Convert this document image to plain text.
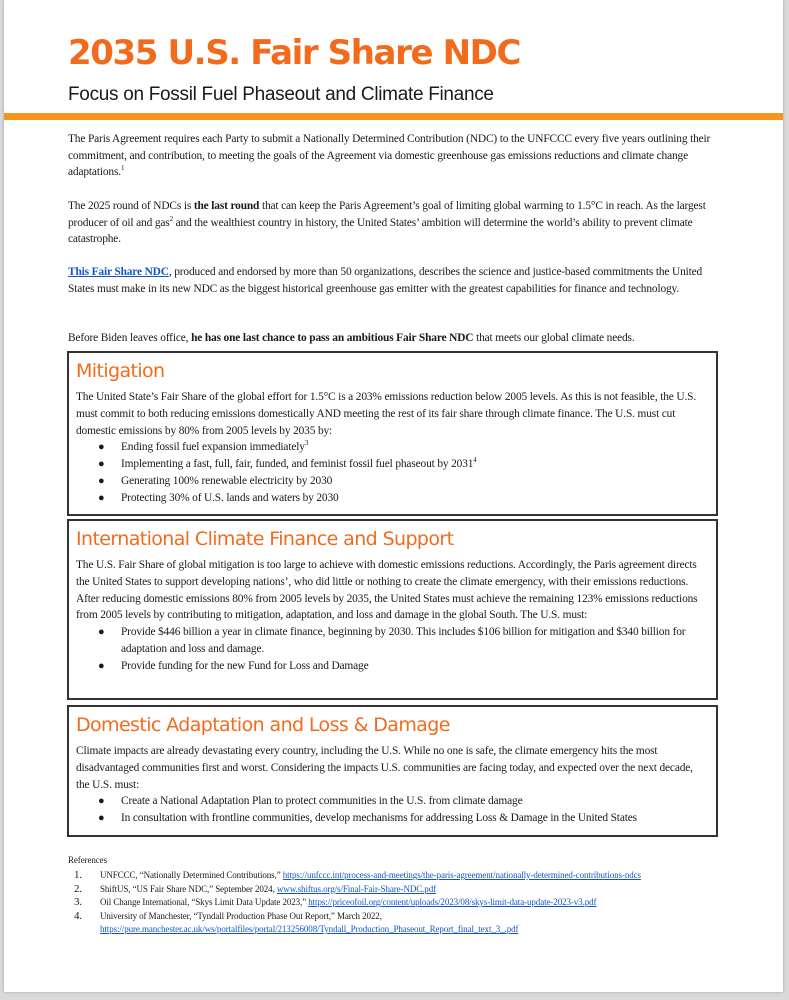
2035 U.S. Fair Share NDC
Focus on Fossil Fuel Phaseout and Climate Finance
The Paris Agreement requires each Party to submit a Nationally Determined Contribution (NDC) to the UNFCCC every five years outlining their commitment, and contribution, to meeting the goals of the Agreement via domestic greenhouse gas emissions reductions and climate change adaptations.$^1$
The 2025 round of NDCs is the last round that can keep the Paris Agreement’s goal of limiting global warming to 1.5°C in reach. As the largest producer of oil and gas$^2$ and the wealthiest country in history, the United States’ ambition will determine the world’s ability to prevent climate catastrophe.
This Fair Share NDC, produced and endorsed by more than 50 organizations, describes the science and justice-based commitments the United States must make in its new NDC as the biggest historical greenhouse gas emitter with the greatest capabilities for finance and technology.
Before Biden leaves office, he has one last chance to pass an ambitious Fair Share NDC that meets our global climate needs.
Mitigation
The United State’s Fair Share of the global effort for 1.5°C is a 203% emissions reduction below 2005 levels. As this is not feasible, the U.S. must commit to both reducing emissions domestically AND meeting the rest of its fair share through climate finance. The U.S. must cut domestic emissions by 80% from 2005 levels by 2035 by:
● Ending fossil fuel expansion immediately$^3$
● Implementing a fast, full, fair, funded, and feminist fossil fuel phaseout by 2031$^4$
● Generating 100% renewable electricity by 2030
● Protecting 30% of U.S. lands and waters by 2030
International Climate Finance and Support
The U.S. Fair Share of global mitigation is too large to achieve with domestic emissions reductions. Accordingly, the Paris agreement directs the United States to support developing nations’, who did little or nothing to create the climate emergency, with their emissions reductions. After reducing domestic emissions 80% from 2005 levels by 2035, the United States must achieve the remaining 123% emissions reductions from 2005 levels by contributing to mitigation, adaptation, and loss and damage in the global South. The U.S. must:
● Provide $446 billion a year in climate finance, beginning by 2030. This includes $106 billion for mitigation and $340 billion for adaptation and loss and damage.
● Provide funding for the new Fund for Loss and Damage
Domestic Adaptation and Loss & Damage
Climate impacts are already devastating every country, including the U.S. While no one is safe, the climate emergency hits the most disadvantaged communities first and worst. Considering the impacts U.S. communities are facing today, and expected over the next decade, the U.S. must:
● Create a National Adaptation Plan to protect communities in the U.S. from climate damage
● In consultation with frontline communities, develop mechanisms for addressing Loss & Damage in the United States
References
1. UNFCCC, “Nationally Determined Contributions,” https://unfccc.int/process-and-meetings/the-paris-agreement/nationally-determined-contributions-ndcs
2. ShiftUS, “US Fair Share NDC,” September 2024, www.shiftus.org/s/Final-Fair-Share-NDC.pdf
3. Oil Change International, “Skys Limit Data Update 2023,” https://priceofoil.org/content/uploads/2023/08/skys-limit-data-update-2023-v3.pdf
4. University of Manchester, “Tyndall Production Phase Out Report,” March 2022,
https://pure.manchester.ac.uk/ws/portalfiles/portal/213256008/Tyndall_Production_Phaseout_Report_final_text_3_.pdf
